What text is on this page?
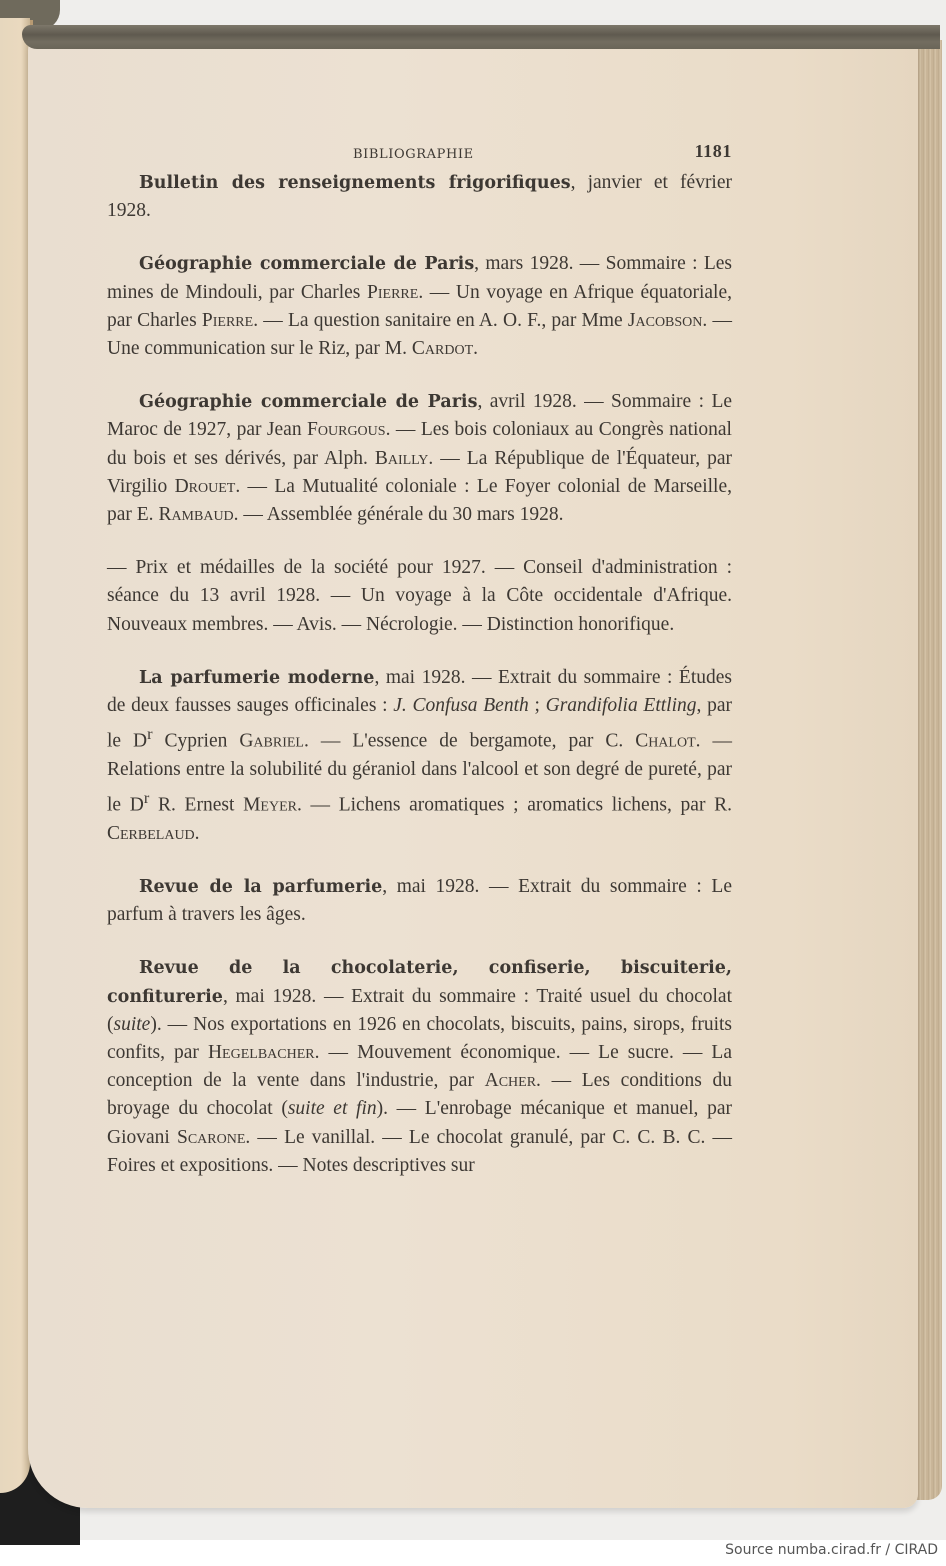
BIBLIOGRAPHIE	1181

Bulletin des renseignements frigorifiques, janvier et février 1928.

Géographie commerciale de Paris, mars 1928. — Sommaire : Les mines de Mindouli, par Charles Pierre. — Un voyage en Afrique équatoriale, par Charles Pierre. — La question sanitaire en A. O. F., par Mme Jacobson. — Une communication sur le Riz, par M. Cardot.

Géographie commerciale de Paris, avril 1928. — Sommaire : Le Maroc de 1927, par Jean Fourgous. — Les bois coloniaux au Congrès national du bois et ses dérivés, par Alph. Bailly. — La République de l'Équateur, par Virgilio Drouet. — La Mutualité coloniale : Le Foyer colonial de Marseille, par E. Rambaud. — Assemblée générale du 30 mars 1928.

— Prix et médailles de la société pour 1927. — Conseil d'administration : séance du 13 avril 1928. — Un voyage à la Côte occidentale d'Afrique. Nouveaux membres. — Avis. — Nécrologie. — Distinction honorifique.

La parfumerie moderne, mai 1928. — Extrait du sommaire : Études de deux fausses sauges officinales : J. Confusa Benth ; Grandifolia Ettling, par le $D^r$ Cyprien Gabriel. — L'essence de bergamote, par C. Chalot. — Relations entre la solubilité du géraniol dans l'alcool et son degré de pureté, par le $D^r$ R. Ernest Meyer. — Lichens aromatiques ; aromatics lichens, par R. Cerbelaud.

Revue de la parfumerie, mai 1928. — Extrait du sommaire : Le parfum à travers les âges.

Revue de la chocolaterie, confiserie, biscuiterie, confiturerie, mai 1928. — Extrait du sommaire : Traité usuel du chocolat (suite). — Nos exportations en 1926 en chocolats, biscuits, pains, sirops, fruits confits, par Hegelbacher. — Mouvement économique. — Le sucre. — La conception de la vente dans l'industrie, par Acher. — Les conditions du broyage du chocolat (suite et fin). — L'enrobage mécanique et manuel, par Giovani Scarone. — Le vanillal. — Le chocolat granulé, par C. C. B. C. — Foires et expositions. — Notes descriptives sur

Source numba.cirad.fr / CIRAD
